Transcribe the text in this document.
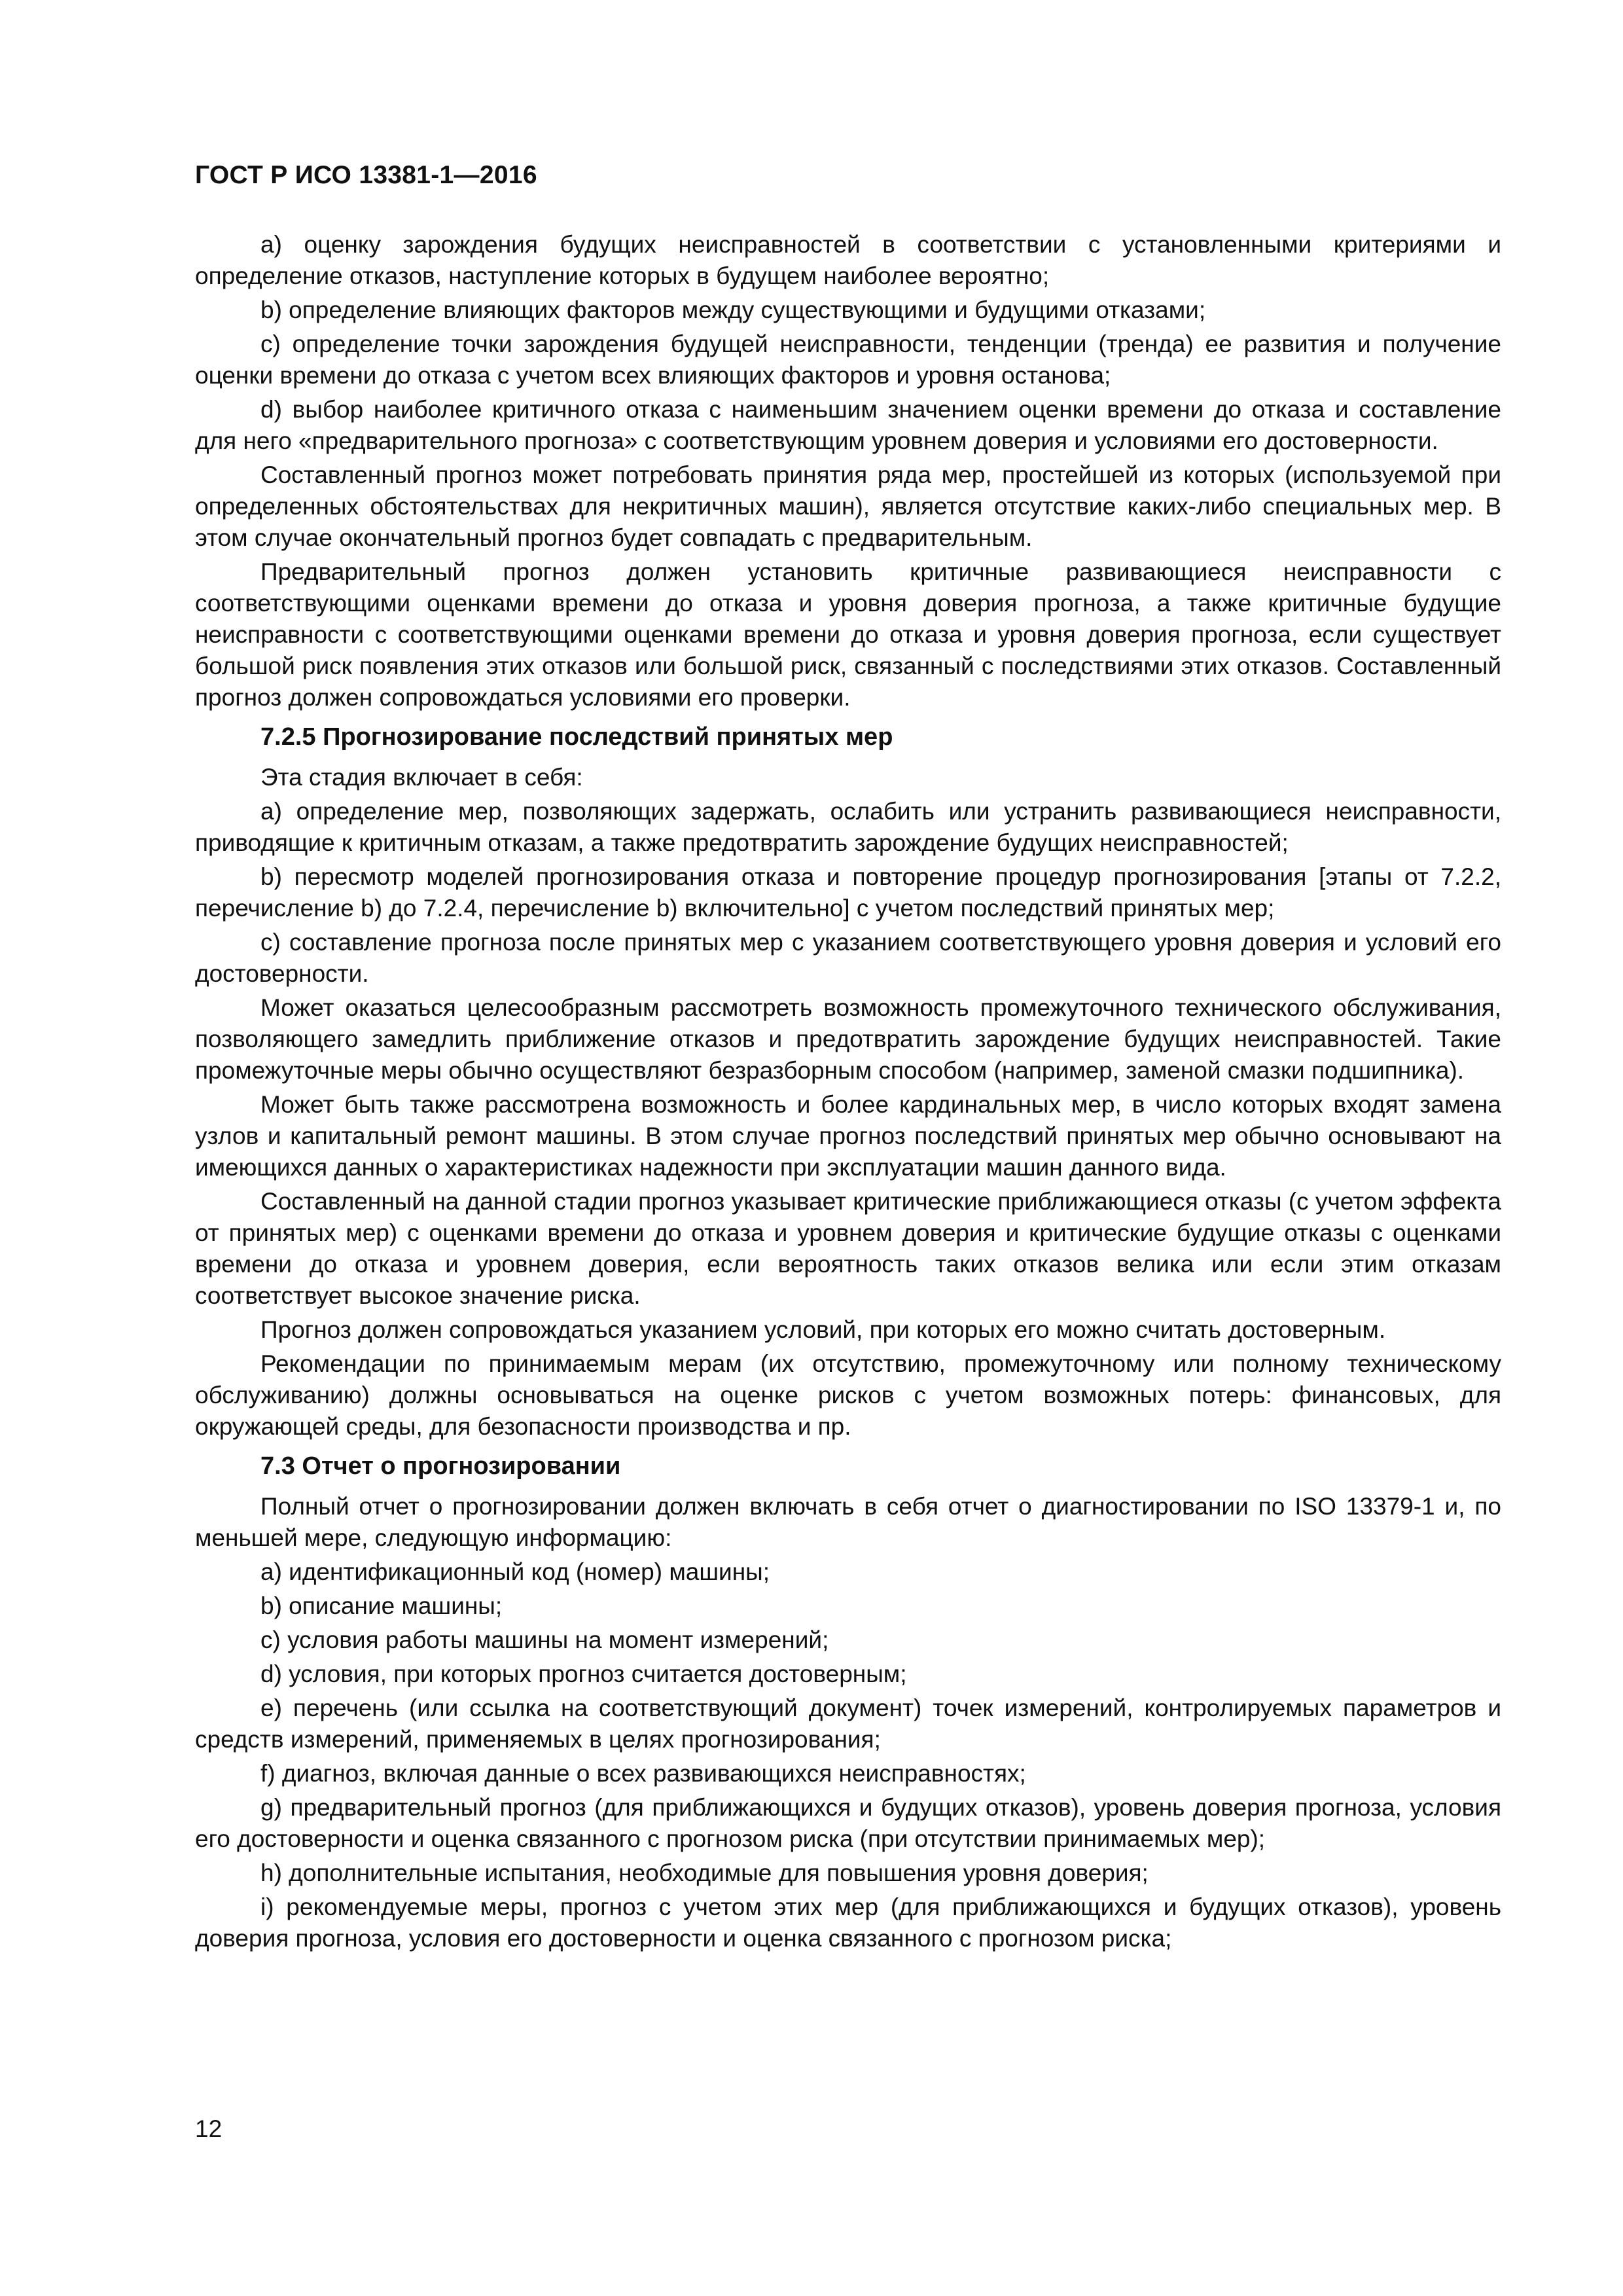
ГОСТ Р ИСО 13381-1—2016

а) оценку зарождения будущих неисправностей в соответствии с установленными критериями и определение отказов, наступление которых в будущем наиболее вероятно;

b) определение влияющих факторов между существующими и будущими отказами;

с) определение точки зарождения будущей неисправности, тенденции (тренда) ее развития и получение оценки времени до отказа с учетом всех влияющих факторов и уровня останова;

d) выбор наиболее критичного отказа с наименьшим значением оценки времени до отказа и составление для него «предварительного прогноза» с соответствующим уровнем доверия и условиями его достоверности.

Составленный прогноз может потребовать принятия ряда мер, простейшей из которых (используемой при определенных обстоятельствах для некритичных машин), является отсутствие каких-либо специальных мер. В этом случае окончательный прогноз будет совпадать с предварительным.

Предварительный прогноз должен установить критичные развивающиеся неисправности с соответствующими оценками времени до отказа и уровня доверия прогноза, а также критичные будущие неисправности с соответствующими оценками времени до отказа и уровня доверия прогноза, если существует большой риск появления этих отказов или большой риск, связанный с последствиями этих отказов. Составленный прогноз должен сопровождаться условиями его проверки.

7.2.5 Прогнозирование последствий принятых мер

Эта стадия включает в себя:

а) определение мер, позволяющих задержать, ослабить или устранить развивающиеся неисправности, приводящие к критичным отказам, а также предотвратить зарождение будущих неисправностей;

b) пересмотр моделей прогнозирования отказа и повторение процедур прогнозирования [этапы от 7.2.2, перечисление b) до 7.2.4, перечисление b) включительно] с учетом последствий принятых мер;

с) составление прогноза после принятых мер с указанием соответствующего уровня доверия и условий его достоверности.

Может оказаться целесообразным рассмотреть возможность промежуточного технического обслуживания, позволяющего замедлить приближение отказов и предотвратить зарождение будущих неисправностей. Такие промежуточные меры обычно осуществляют безразборным способом (например, заменой смазки подшипника).

Может быть также рассмотрена возможность и более кардинальных мер, в число которых входят замена узлов и капитальный ремонт машины. В этом случае прогноз последствий принятых мер обычно основывают на имеющихся данных о характеристиках надежности при эксплуатации машин данного вида.

Составленный на данной стадии прогноз указывает критические приближающиеся отказы (с учетом эффекта от принятых мер) с оценками времени до отказа и уровнем доверия и критические будущие отказы с оценками времени до отказа и уровнем доверия, если вероятность таких отказов велика или если этим отказам соответствует высокое значение риска.

Прогноз должен сопровождаться указанием условий, при которых его можно считать достоверным.

Рекомендации по принимаемым мерам (их отсутствию, промежуточному или полному техническому обслуживанию) должны основываться на оценке рисков с учетом возможных потерь: финансовых, для окружающей среды, для безопасности производства и пр.

7.3 Отчет о прогнозировании

Полный отчет о прогнозировании должен включать в себя отчет о диагностировании по ISO 13379-1 и, по меньшей мере, следующую информацию:

а) идентификационный код (номер) машины;

b) описание машины;

с) условия работы машины на момент измерений;

d) условия, при которых прогноз считается достоверным;

е) перечень (или ссылка на соответствующий документ) точек измерений, контролируемых параметров и средств измерений, применяемых в целях прогнозирования;

f) диагноз, включая данные о всех развивающихся неисправностях;

g) предварительный прогноз (для приближающихся и будущих отказов), уровень доверия прогноза, условия его достоверности и оценка связанного с прогнозом риска (при отсутствии принимаемых мер);

h) дополнительные испытания, необходимые для повышения уровня доверия;

i) рекомендуемые меры, прогноз с учетом этих мер (для приближающихся и будущих отказов), уровень доверия прогноза, условия его достоверности и оценка связанного с прогнозом риска;

12
